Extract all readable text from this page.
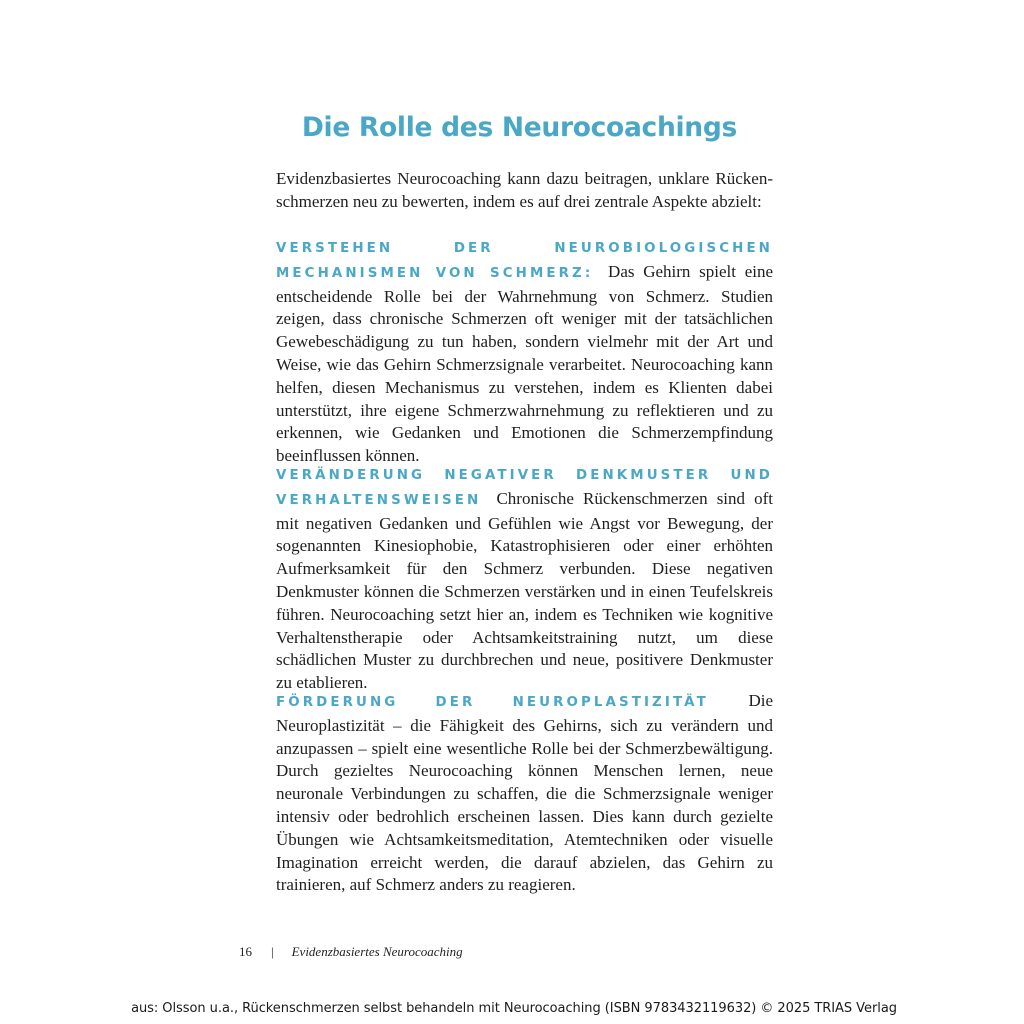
Die Rolle des Neurocoachings

Evidenzbasiertes Neurocoaching kann dazu beitragen, unklare Rückenschmerzen neu zu bewerten, indem es auf drei zentrale Aspekte abzielt:

VERSTEHEN DER NEUROBIOLOGISCHEN MECHANISMEN VON SCHMERZ: Das Gehirn spielt eine entscheidende Rolle bei der Wahrnehmung von Schmerz. Studien zeigen, dass chronische Schmerzen oft weniger mit der tatsächlichen Gewebeschädigung zu tun haben, sondern vielmehr mit der Art und Weise, wie das Gehirn Schmerzsignale verarbeitet. Neurocoaching kann helfen, diesen Mechanismus zu verstehen, indem es Klienten dabei unterstützt, ihre eigene Schmerzwahrnehmung zu reflektieren und zu erkennen, wie Gedanken und Emotionen die Schmerzempfindung beeinflussen können.

VERÄNDERUNG NEGATIVER DENKMUSTER UND VERHALTENSWEISEN Chronische Rückenschmerzen sind oft mit negativen Gedanken und Gefühlen wie Angst vor Bewegung, der sogenannten Kinesiophobie, Katastrophisieren oder einer erhöhten Aufmerksamkeit für den Schmerz verbunden. Diese negativen Denkmuster können die Schmerzen verstärken und in einen Teufelskreis führen. Neurocoaching setzt hier an, indem es Techniken wie kognitive Verhaltenstherapie oder Achtsamkeitstraining nutzt, um diese schädlichen Muster zu durchbrechen und neue, positivere Denkmuster zu etablieren.

FÖRDERUNG DER NEUROPLASTIZITÄT Die Neuroplastizität – die Fähigkeit des Gehirns, sich zu verändern und anzupassen – spielt eine wesentliche Rolle bei der Schmerzbewältigung. Durch gezieltes Neurocoaching können Menschen lernen, neue neuronale Verbindungen zu schaffen, die die Schmerzsignale weniger intensiv oder bedrohlich erscheinen lassen. Dies kann durch gezielte Übungen wie Achtsamkeitsmeditation, Atemtechniken oder visuelle Imagination erreicht werden, die darauf abzielen, das Gehirn zu trainieren, auf Schmerz anders zu reagieren.

16	| Evidenzbasiertes Neurocoaching
aus: Olsson u.a., Rückenschmerzen selbst behandeln mit Neurocoaching (ISBN 9783432119632) © 2025 TRIAS Verlag
